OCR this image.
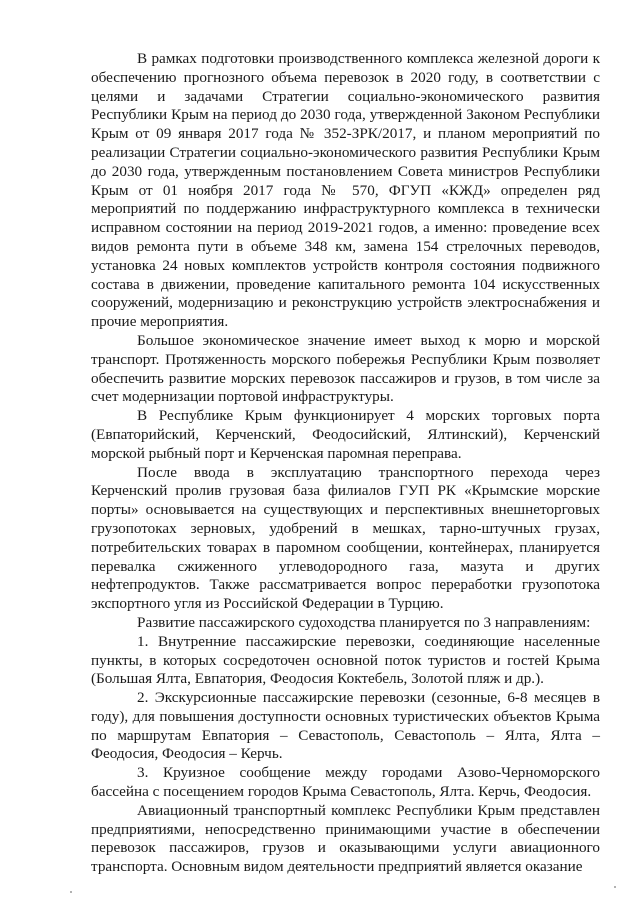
В рамках подготовки производственного комплекса железной дороги к обеспечению прогнозного объема перевозок в 2020 году, в соответствии с целями и задачами Стратегии социально-экономического развития Республики Крым на период до 2030 года, утвержденной Законом Республики Крым от 09 января 2017 года № 352-ЗРК/2017, и планом мероприятий по реализации Стратегии социально-экономического развития Республики Крым до 2030 года, утвержденным постановлением Совета министров Республики Крым от 01 ноября 2017 года № 570, ФГУП «КЖД» определен ряд мероприятий по поддержанию инфраструктурного комплекса в технически исправном состоянии на период 2019-2021 годов, а именно: проведение всех видов ремонта пути в объеме 348 км, замена 154 стрелочных переводов, установка 24 новых комплектов устройств контроля состояния подвижного состава в движении, проведение капитального ремонта 104 искусственных сооружений, модернизацию и реконструкцию устройств электроснабжения и прочие мероприятия.

Большое экономическое значение имеет выход к морю и морской транспорт. Протяженность морского побережья Республики Крым позволяет обеспечить развитие морских перевозок пассажиров и грузов, в том числе за счет модернизации портовой инфраструктуры.

В Республике Крым функционирует 4 морских торговых порта (Евпаторийский, Керченский, Феодосийский, Ялтинский), Керченский морской рыбный порт и Керченская паромная переправа.

После ввода в эксплуатацию транспортного перехода через Керченский пролив грузовая база филиалов ГУП РК «Крымские морские порты» основывается на существующих и перспективных внешнеторговых грузопотоках зерновых, удобрений в мешках, тарно-штучных грузах, потребительских товарах в паромном сообщении, контейнерах, планируется перевалка сжиженного углеводородного газа, мазута и других нефтепродуктов. Также рассматривается вопрос переработки грузопотока экспортного угля из Российской Федерации в Турцию.

Развитие пассажирского судоходства планируется по 3 направлениям:

1. Внутренние пассажирские перевозки, соединяющие населенные пункты, в которых сосредоточен основной поток туристов и гостей Крыма (Большая Ялта, Евпатория, Феодосия Коктебель, Золотой пляж и др.).

2. Экскурсионные пассажирские перевозки (сезонные, 6-8 месяцев в году), для повышения доступности основных туристических объектов Крыма по маршрутам Евпатория – Севастополь, Севастополь – Ялта, Ялта – Феодосия, Феодосия – Керчь.

3. Круизное сообщение между городами Азово-Черноморского бассейна с посещением городов Крыма Севастополь, Ялта. Керчь, Феодосия.

Авиационный транспортный комплекс Республики Крым представлен предприятиями, непосредственно принимающими участие в обеспечении перевозок пассажиров, грузов и оказывающими услуги авиационного транспорта. Основным видом деятельности предприятий является оказание
